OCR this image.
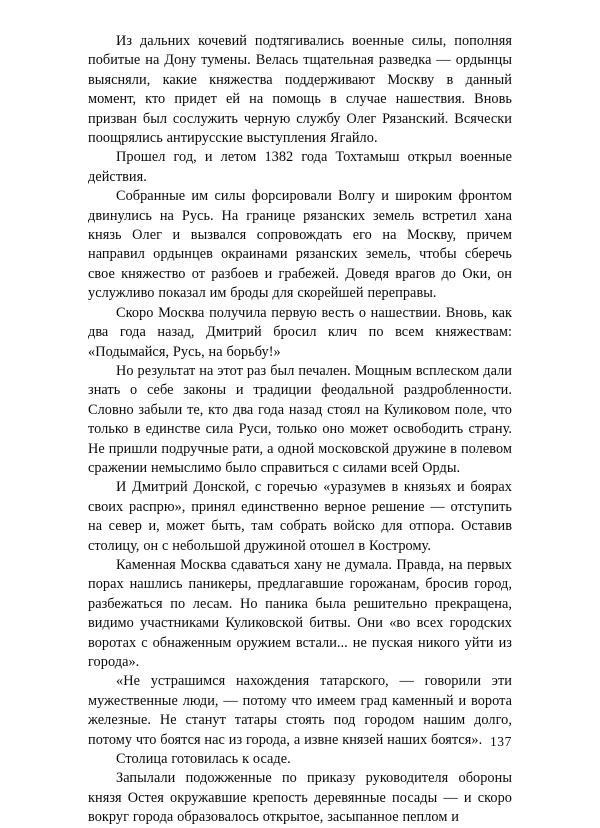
Из дальних кочевий подтягивались военные силы, пополняя побитые на Дону тумены. Велась тщательная разведка — ордынцы выясняли, какие княжества поддерживают Москву в данный момент, кто придет ей на помощь в случае нашествия. Вновь призван был сослужить черную службу Олег Рязанский. Всячески поощрялись антирусские выступления Ягайло.

Прошел год, и летом 1382 года Тохтамыш открыл военные действия.

Собранные им силы форсировали Волгу и широким фронтом двинулись на Русь. На границе рязанских земель встретил хана князь Олег и вызвался сопровождать его на Москву, причем направил ордынцев окраинами рязанских земель, чтобы сберечь свое княжество от разбоев и грабежей. Доведя врагов до Оки, он услужливо показал им броды для скорейшей переправы.

Скоро Москва получила первую весть о нашествии. Вновь, как два года назад, Дмитрий бросил клич по всем княжествам: «Подымайся, Русь, на борьбу!»

Но результат на этот раз был печален. Мощным всплеском дали знать о себе законы и традиции феодальной раздробленности. Словно забыли те, кто два года назад стоял на Куликовом поле, что только в единстве сила Руси, только оно может освободить страну. Не пришли подручные рати, а одной московской дружине в полевом сражении немыслимо было справиться с силами всей Орды.

И Дмитрий Донской, с горечью «уразумев в князьях и боярах своих распрю», принял единственно верное решение — отступить на север и, может быть, там собрать войско для отпора. Оставив столицу, он с небольшой дружиной отошел в Кострому.

Каменная Москва сдаваться хану не думала. Правда, на первых порах нашлись паникеры, предлагавшие горожанам, бросив город, разбежаться по лесам. Но паника была решительно прекращена, видимо участниками Куликовской битвы. Они «во всех городских воротах с обнаженным оружием встали... не пуская никого уйти из города».

«Не устрашимся нахождения татарского, — говорили эти мужественные люди, — потому что имеем град каменный и ворота железные. Не станут татары стоять под городом нашим долго, потому что боятся нас из города, а извне князей наших боятся».

Столица готовилась к осаде.

Запылали подожженные по приказу руководителя обороны князя Остея окружавшие крепость деревянные посады — и скоро вокруг города образовалось открытое, засыпанное пеплом и

137
